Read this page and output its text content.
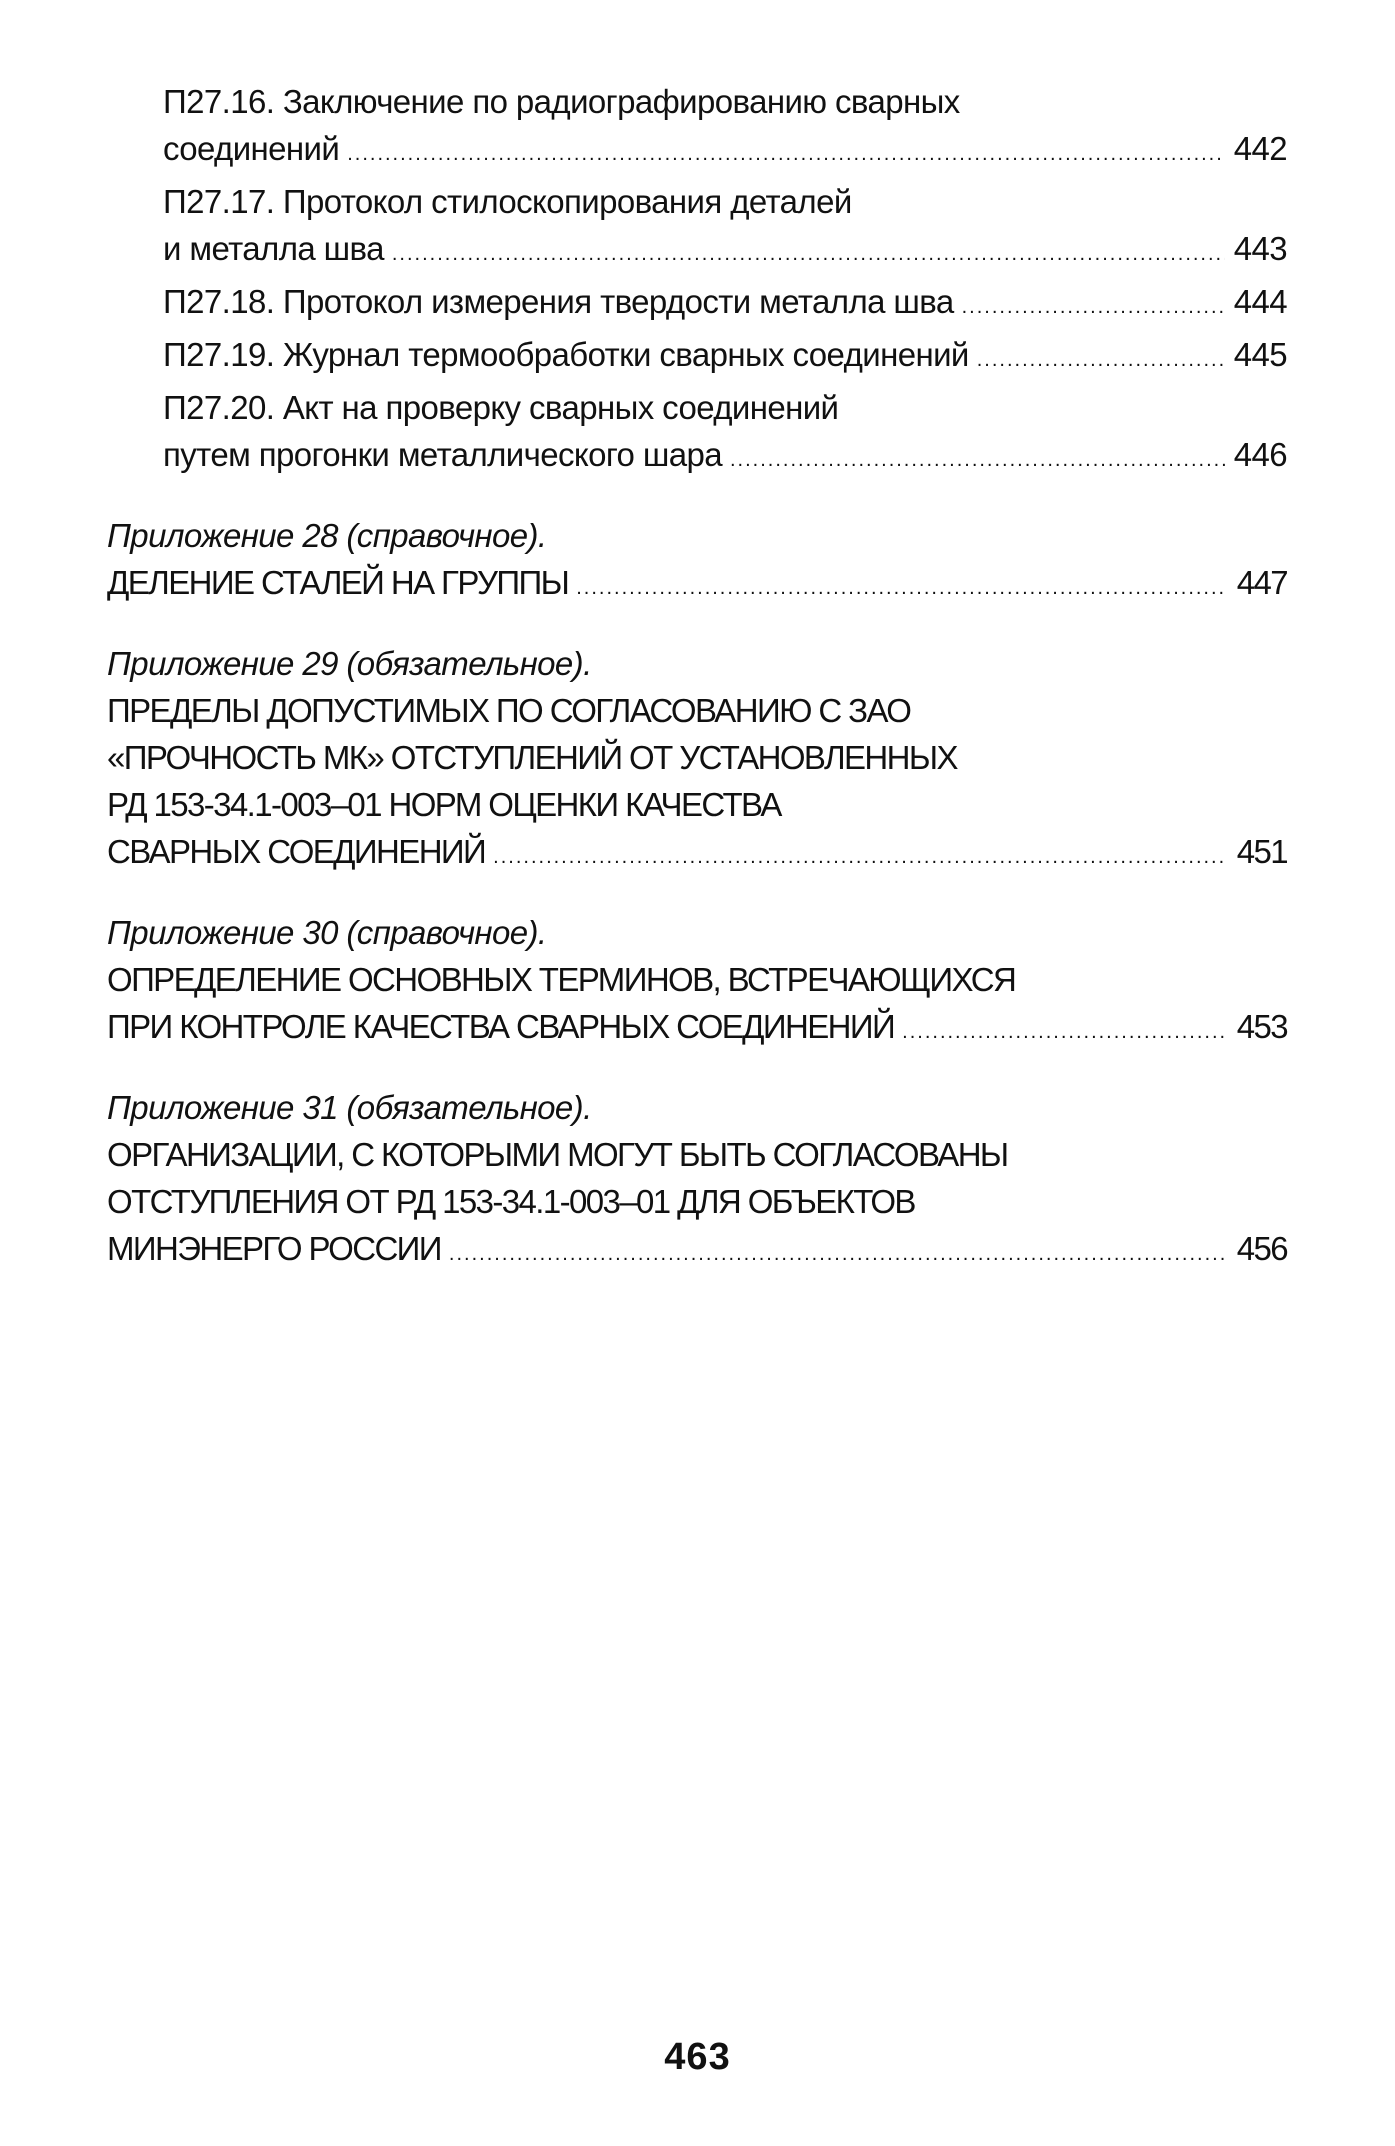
П27.16. Заключение по радиографированию сварных
соединений .....	442
П27.17. Протокол стилоскопирования деталей
и металла шва .....	443
П27.18. Протокол измерения твердости металла шва .....	444
П27.19. Журнал термообработки сварных соединений .....	445
П27.20. Акт на проверку сварных соединений
путем прогонки металлического шара .....	446
Приложение 28 (справочное).
ДЕЛЕНИЕ СТАЛЕЙ НА ГРУППЫ .....	447
Приложение 29 (обязательное).
ПРЕДЕЛЫ ДОПУСТИМЫХ ПО СОГЛАСОВАНИЮ С ЗАО
«ПРОЧНОСТЬ МК» ОТСТУПЛЕНИЙ ОТ УСТАНОВЛЕННЫХ
РД 153-34.1-003–01 НОРМ ОЦЕНКИ КАЧЕСТВА
СВАРНЫХ СОЕДИНЕНИЙ .....	451
Приложение 30 (справочное).
ОПРЕДЕЛЕНИЕ ОСНОВНЫХ ТЕРМИНОВ, ВСТРЕЧАЮЩИХСЯ
ПРИ КОНТРОЛЕ КАЧЕСТВА СВАРНЫХ СОЕДИНЕНИЙ .....	453
Приложение 31 (обязательное).
ОРГАНИЗАЦИИ, С КОТОРЫМИ МОГУТ БЫТЬ СОГЛАСОВАНЫ
ОТСТУПЛЕНИЯ ОТ РД 153-34.1-003–01 ДЛЯ ОБЪЕКТОВ
МИНЭНЕРГО РОССИИ .....	456
463
